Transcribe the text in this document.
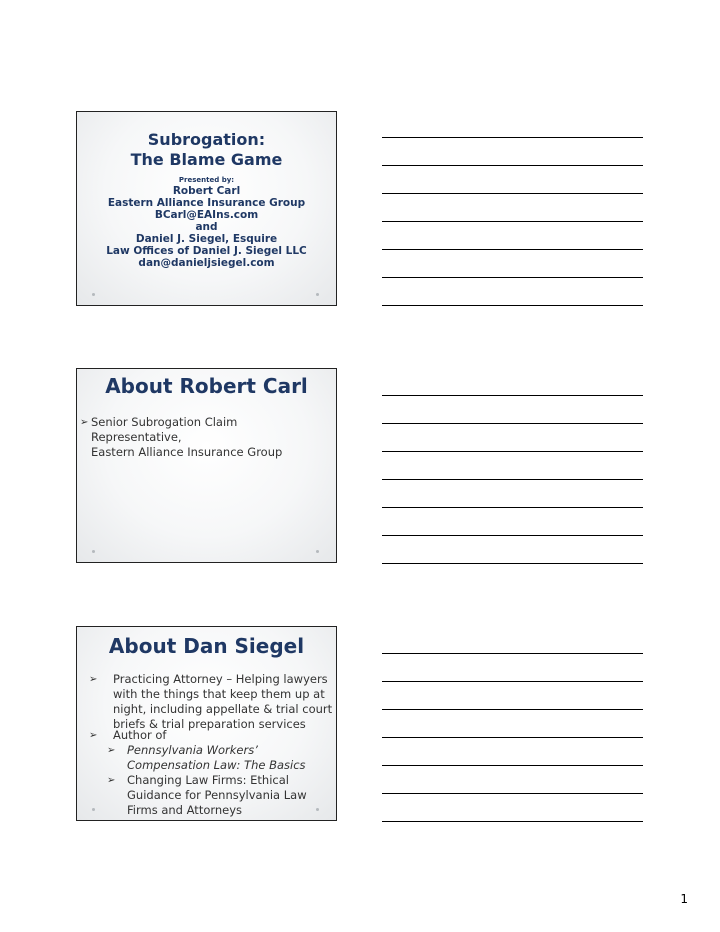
Subrogation:
The Blame Game
Presented by:
Robert Carl
Eastern Alliance Insurance Group
BCarl@EAIns.com
and
Daniel J. Siegel, Esquire
Law Offices of Daniel J. Siegel LLC
dan@danieljsiegel.com
About Robert Carl
➢ Senior Subrogation Claim
Representative,
Eastern Alliance Insurance Group
About Dan Siegel
➢ Practicing Attorney – Helping lawyers
with the things that keep them up at
night, including appellate & trial court
briefs & trial preparation services
➢ Author of
➢ Pennsylvania Workers’
Compensation Law: The Basics
➢ Changing Law Firms: Ethical
Guidance for Pennsylvania Law
Firms and Attorneys
1
